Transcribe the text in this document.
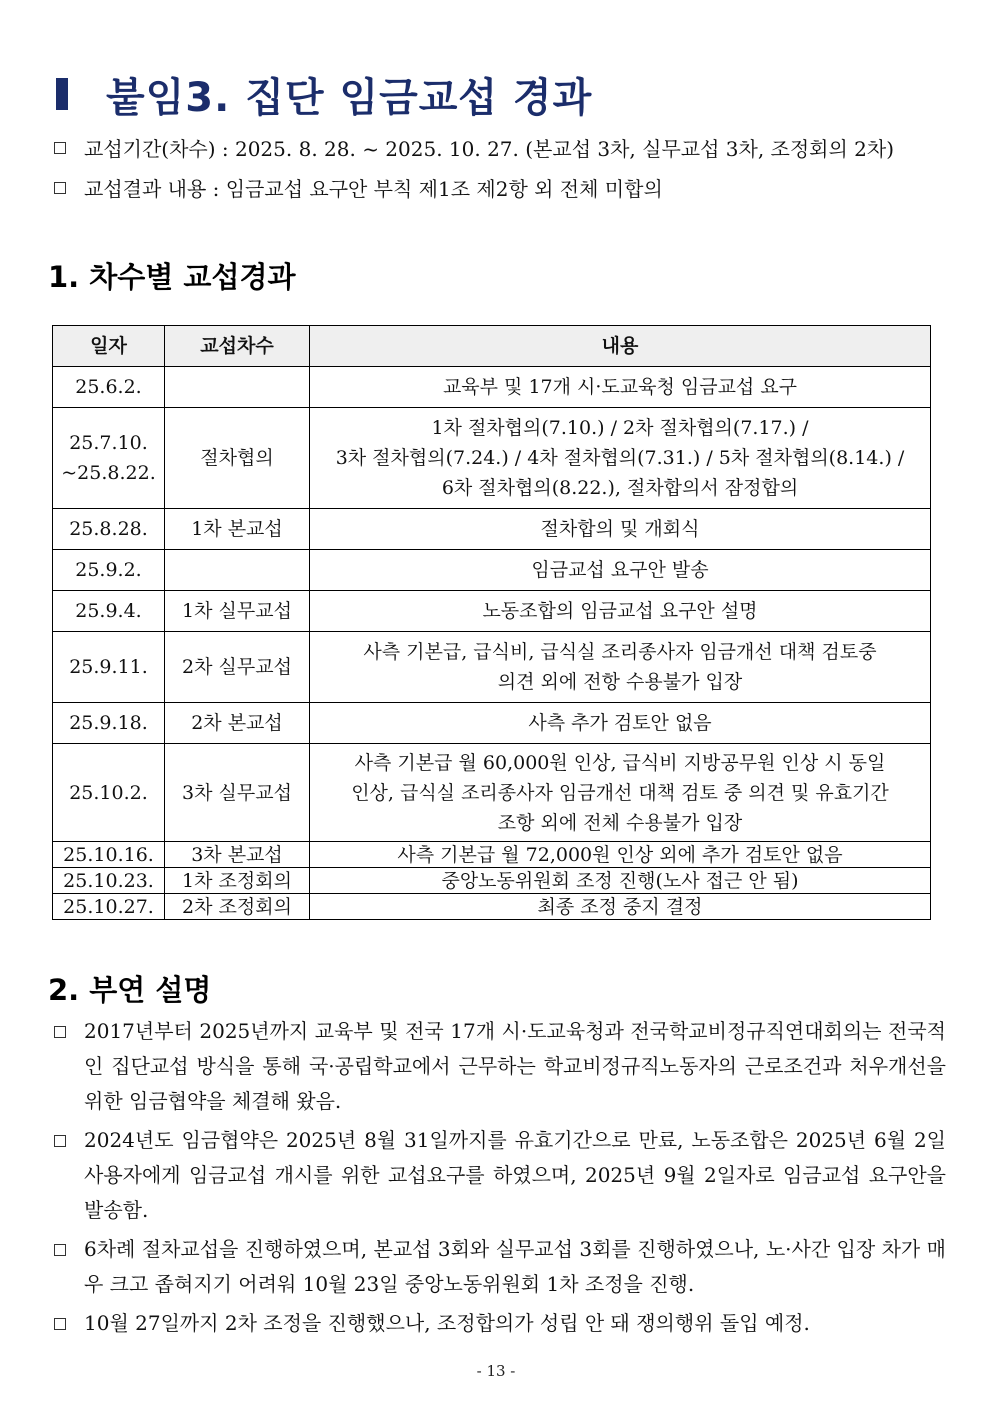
붙임3. 집단 임금교섭 경과
교섭기간(차수) : 2025. 8. 28. ~ 2025. 10. 27. (본교섭 3차, 실무교섭 3차, 조정회의 2차)
교섭결과 내용 : 임금교섭 요구안 부칙 제1조 제2항 외 전체 미합의
1. 차수별 교섭경과
일자	교섭차수	내용
25.6.2.		교육부 및 17개 시·도교육청 임금교섭 요구
25.7.10.
~25.8.22.	절차협의	1차 절차협의(7.10.) / 2차 절차협의(7.17.) /
3차 절차협의(7.24.) / 4차 절차협의(7.31.) / 5차 절차협의(8.14.) /
6차 절차협의(8.22.), 절차합의서 잠정합의
25.8.28.	1차 본교섭	절차합의 및 개회식
25.9.2.		임금교섭 요구안 발송
25.9.4.	1차 실무교섭	노동조합의 임금교섭 요구안 설명
25.9.11.	2차 실무교섭	사측 기본급, 급식비, 급식실 조리종사자 임금개선 대책 검토중
의견 외에 전항 수용불가 입장
25.9.18.	2차 본교섭	사측 추가 검토안 없음
25.10.2.	3차 실무교섭	사측 기본급 월 60,000원 인상, 급식비 지방공무원 인상 시 동일
인상, 급식실 조리종사자 임금개선 대책 검토 중 의견 및 유효기간
조항 외에 전체 수용불가 입장
25.10.16.	3차 본교섭	사측 기본급 월 72,000원 인상 외에 추가 검토안 없음
25.10.23.	1차 조정회의	중앙노동위원회 조정 진행(노사 접근 안 됨)
25.10.27.	2차 조정회의	최종 조정 중지 결정
2. 부연 설명
2017년부터 2025년까지 교육부 및 전국 17개 시·도교육청과 전국학교비정규직연대회의는 전국적인 집단교섭 방식을 통해 국·공립학교에서 근무하는 학교비정규직노동자의 근로조건과 처우개선을 위한 임금협약을 체결해 왔음.
2024년도 임금협약은 2025년 8월 31일까지를 유효기간으로 만료, 노동조합은 2025년 6월 2일 사용자에게 임금교섭 개시를 위한 교섭요구를 하였으며, 2025년 9월 2일자로 임금교섭 요구안을 발송함.
6차례 절차교섭을 진행하였으며, 본교섭 3회와 실무교섭 3회를 진행하였으나, 노·사간 입장 차가 매우 크고 좁혀지기 어려워 10월 23일 중앙노동위원회 1차 조정을 진행.
10월 27일까지 2차 조정을 진행했으나, 조정합의가 성립 안 돼 쟁의행위 돌입 예정.
- 13 -
